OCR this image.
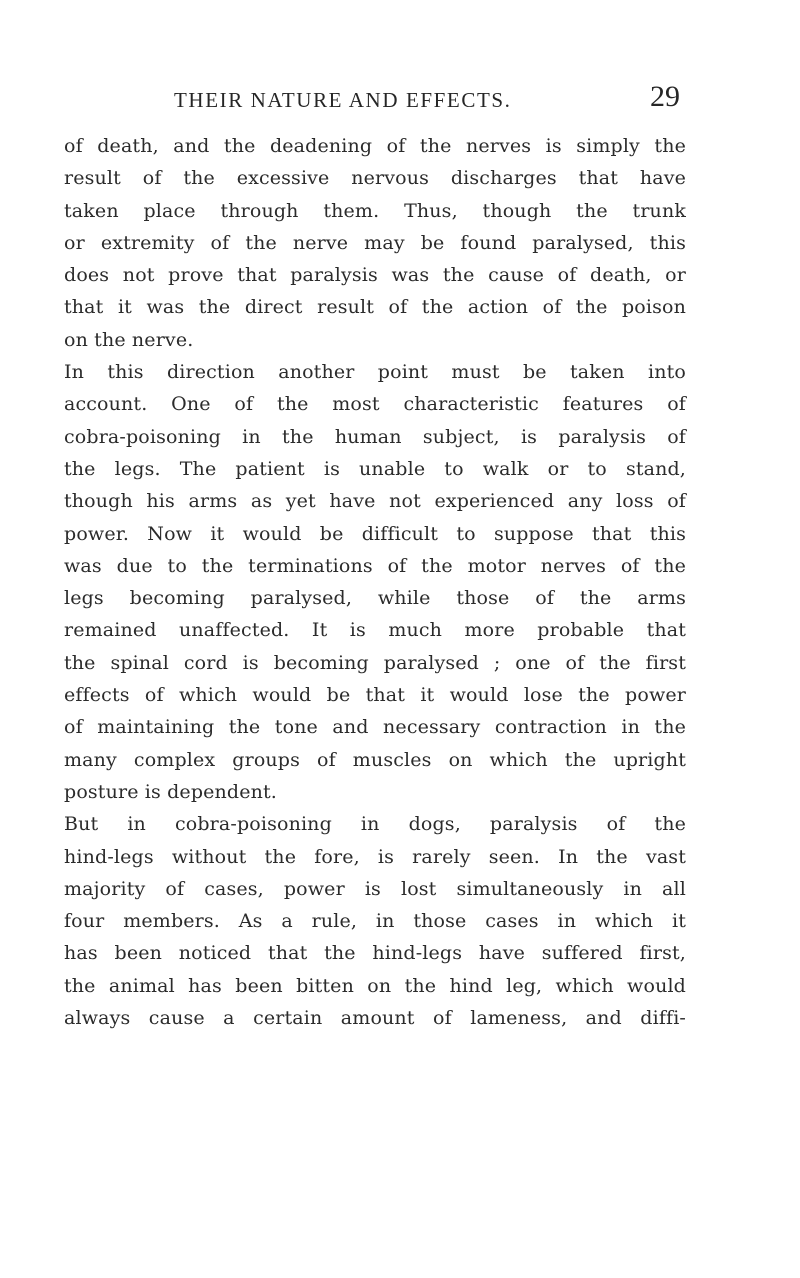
THEIR NATURE AND EFFECTS.	29
of death, and the deadening of the nerves is simply the
result of the excessive nervous discharges that have
taken place through them. Thus, though the trunk
or extremity of the nerve may be found paralysed, this
does not prove that paralysis was the cause of death, or
that it was the direct result of the action of the poison
on the nerve.
In this direction another point must be taken into
account. One of the most characteristic features of
cobra-poisoning in the human subject, is paralysis of
the legs. The patient is unable to walk or to stand,
though his arms as yet have not experienced any loss of
power. Now it would be difficult to suppose that this
was due to the terminations of the motor nerves of the
legs becoming paralysed, while those of the arms
remained unaffected. It is much more probable that
the spinal cord is becoming paralysed ; one of the first
effects of which would be that it would lose the power
of maintaining the tone and necessary contraction in the
many complex groups of muscles on which the upright
posture is dependent.
But in cobra-poisoning in dogs, paralysis of the
hind-legs without the fore, is rarely seen. In the vast
majority of cases, power is lost simultaneously in all
four members. As a rule, in those cases in which it
has been noticed that the hind-legs have suffered first,
the animal has been bitten on the hind leg, which would
always cause a certain amount of lameness, and diffi-
